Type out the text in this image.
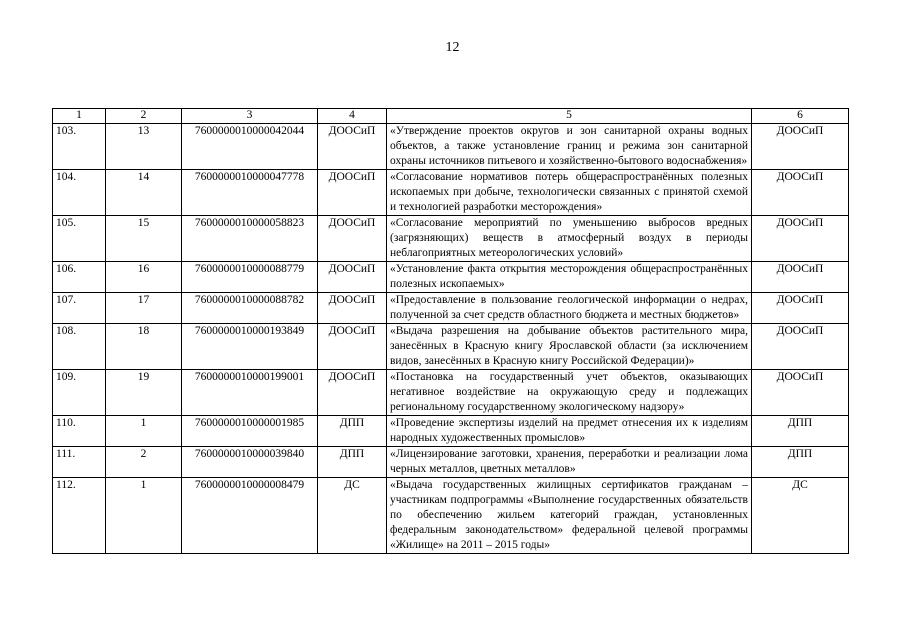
12
1	2	3	4	5	6
103.	13	7600000010000042044	ДООСиП	«Утверждение проектов округов и зон санитарной охраны водных объектов, а также установление границ и режима зон санитарной охраны источников питьевого и хозяйственно-бытового водоснабжения»	ДООСиП
104.	14	7600000010000047778	ДООСиП	«Согласование нормативов потерь общераспространённых полезных ископаемых при добыче, технологически связанных с принятой схемой и технологией разработки месторождения»	ДООСиП
105.	15	7600000010000058823	ДООСиП	«Согласование мероприятий по уменьшению выбросов вредных (загрязняющих) веществ в атмосферный воздух в периоды неблагоприятных метеорологических условий»	ДООСиП
106.	16	7600000010000088779	ДООСиП	«Установление факта открытия месторождения общераспространённых полезных ископаемых»	ДООСиП
107.	17	7600000010000088782	ДООСиП	«Предоставление в пользование геологической информации о недрах, полученной за счет средств областного бюджета и местных бюджетов»	ДООСиП
108.	18	7600000010000193849	ДООСиП	«Выдача разрешения на добывание объектов растительного мира, занесённых в Красную книгу Ярославской области (за исключением видов, занесённых в Красную книгу Российской Федерации)»	ДООСиП
109.	19	7600000010000199001	ДООСиП	«Постановка на государственный учет объектов, оказывающих негативное воздействие на окружающую среду и подлежащих региональному государственному экологическому надзору»	ДООСиП
110.	1	7600000010000001985	ДПП	«Проведение экспертизы изделий на предмет отнесения их к изделиям народных художественных промыслов»	ДПП
111.	2	7600000010000039840	ДПП	«Лицензирование заготовки, хранения, переработки и реализации лома черных металлов, цветных металлов»	ДПП
112.	1	7600000010000008479	ДС	«Выдача государственных жилищных сертификатов гражданам – участникам подпрограммы «Выполнение государственных обязательств по обеспечению жильем категорий граждан, установленных федеральным законодательством» федеральной целевой программы «Жилище» на 2011 – 2015 годы»	ДС
